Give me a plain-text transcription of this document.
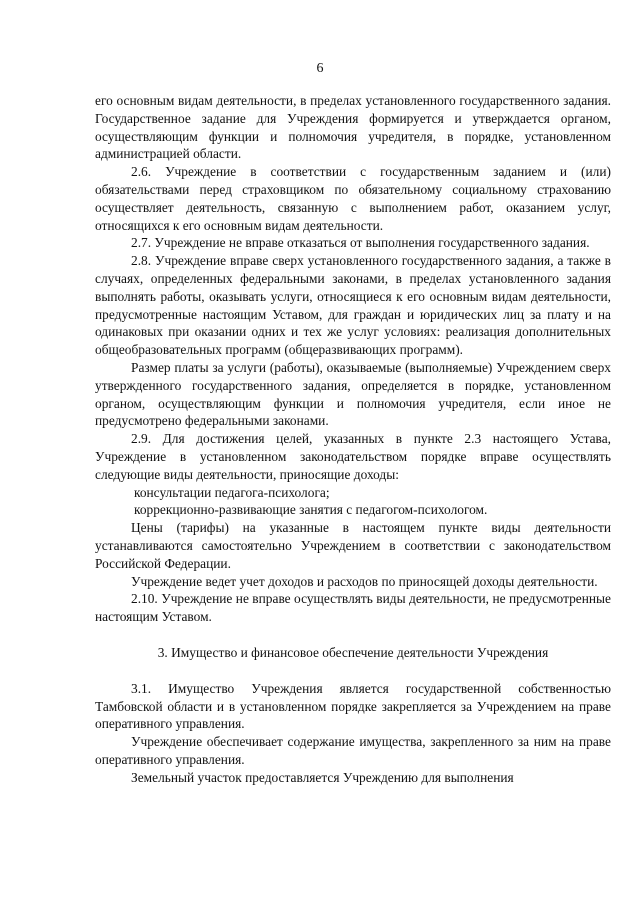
6

его основным видам деятельности, в пределах установленного государственного задания. Государственное задание для Учреждения формируется и утверждается органом, осуществляющим функции и полномочия учредителя, в порядке, установленном администрацией области.

2.6. Учреждение в соответствии с государственным заданием и (или) обязательствами перед страховщиком по обязательному социальному страхованию осуществляет деятельность, связанную с выполнением работ, оказанием услуг, относящихся к его основным видам деятельности.

2.7. Учреждение не вправе отказаться от выполнения государственного задания.

2.8. Учреждение вправе сверх установленного государственного задания, а также в случаях, определенных федеральными законами, в пределах установленного задания выполнять работы, оказывать услуги, относящиеся к его основным видам деятельности, предусмотренные настоящим Уставом, для граждан и юридических лиц за плату и на одинаковых при оказании одних и тех же услуг условиях: реализация дополнительных общеобразовательных программ (общеразвивающих программ).

Размер платы за услуги (работы), оказываемые (выполняемые) Учреждением сверх утвержденного государственного задания, определяется в порядке, установленном органом, осуществляющим функции и полномочия учредителя, если иное не предусмотрено федеральными законами.

2.9. Для достижения целей, указанных в пункте 2.3 настоящего Устава, Учреждение в установленном законодательством порядке вправе осуществлять следующие виды деятельности, приносящие доходы:

консультации педагога-психолога;

коррекционно-развивающие занятия с педагогом-психологом.

Цены (тарифы) на указанные в настоящем пункте виды деятельности устанавливаются самостоятельно Учреждением в соответствии с законодательством Российской Федерации.

Учреждение ведет учет доходов и расходов по приносящей доходы деятельности.

2.10. Учреждение не вправе осуществлять виды деятельности, не предусмотренные настоящим Уставом.

3. Имущество и финансовое обеспечение деятельности Учреждения

3.1. Имущество Учреждения является государственной собственностью Тамбовской области и в установленном порядке закрепляется за Учреждением на праве оперативного управления.

Учреждение обеспечивает содержание имущества, закрепленного за ним на праве оперативного управления.

Земельный участок предоставляется Учреждению для выполнения
